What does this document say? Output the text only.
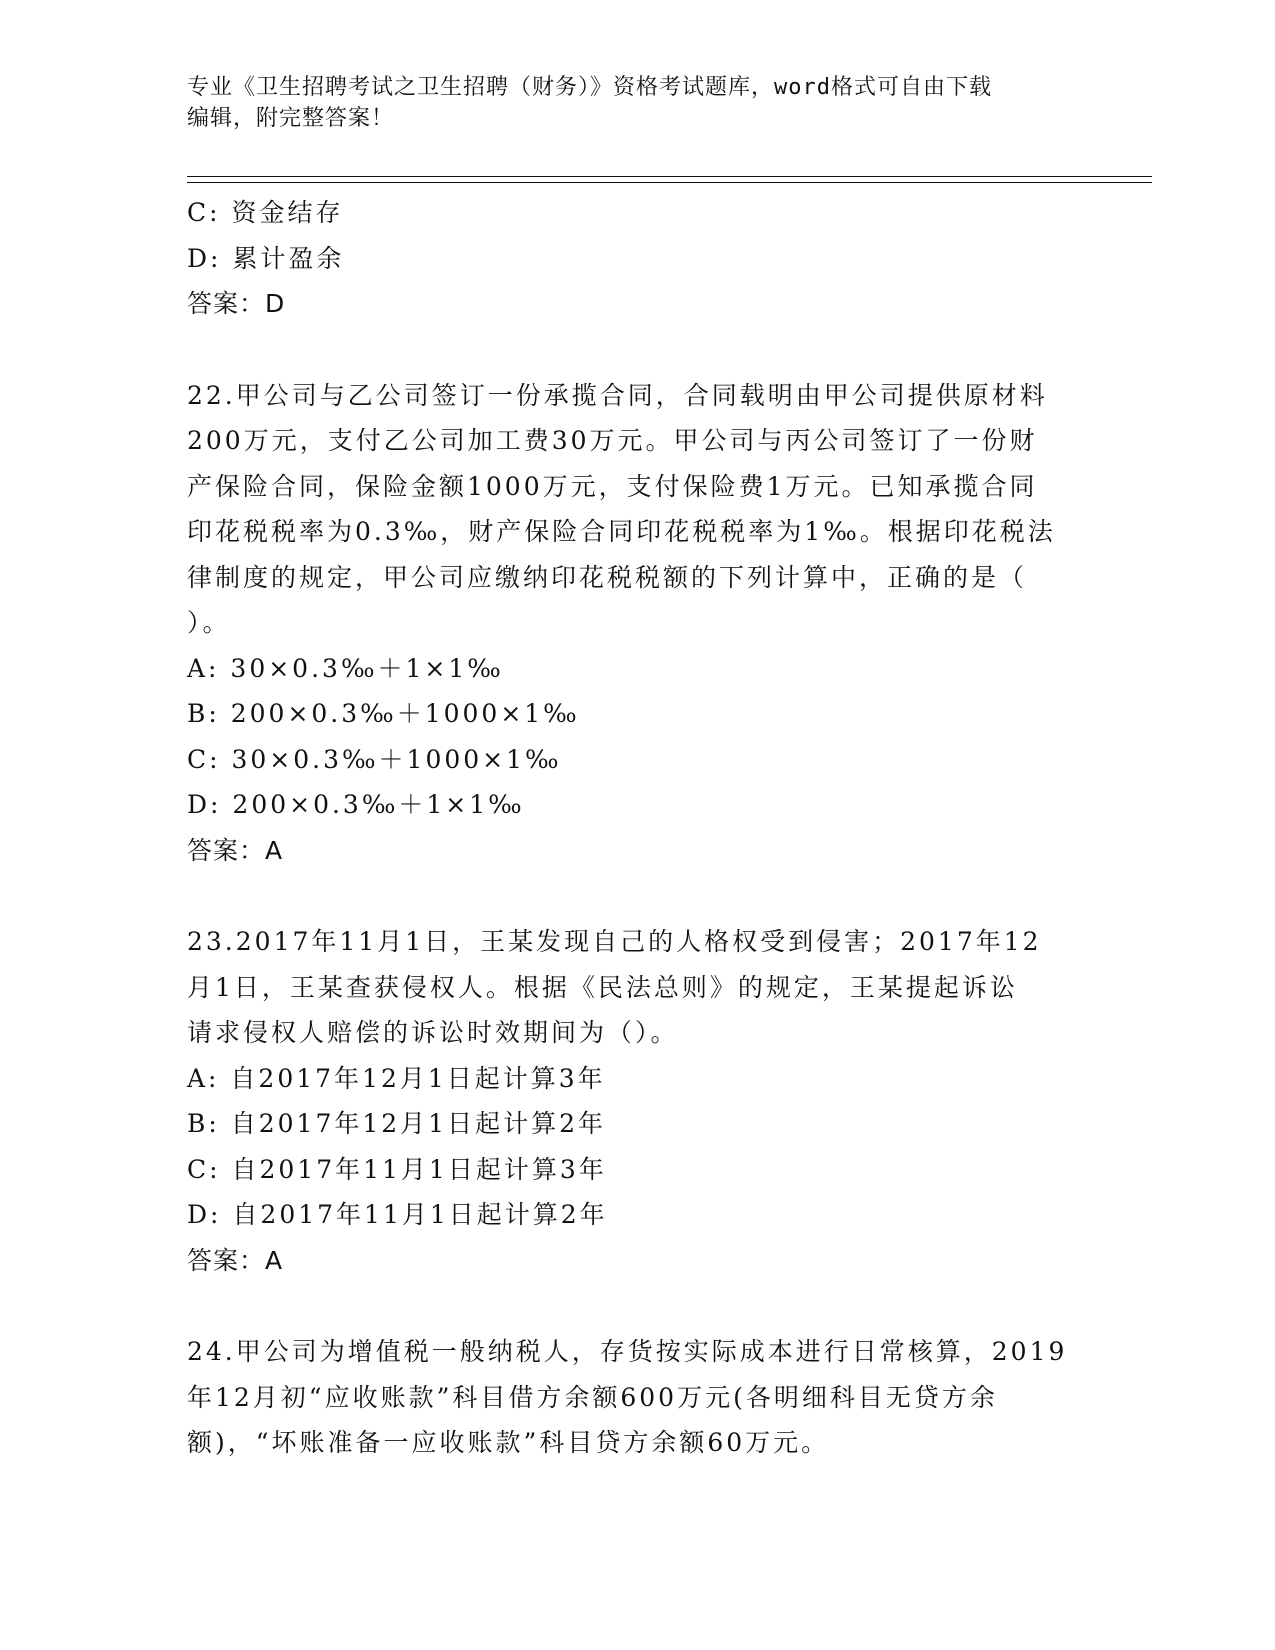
专业《卫生招聘考试之卫生招聘（财务）》资格考试题库，word格式可自由下载
编辑，附完整答案！
C: 资金结存
D: 累计盈余
答案：D
22.甲公司与乙公司签订一份承揽合同，合同载明由甲公司提供原材料
200万元，支付乙公司加工费30万元。甲公司与丙公司签订了一份财
产保险合同，保险金额1000万元，支付保险费1万元。已知承揽合同
印花税税率为0.3‰，财产保险合同印花税税率为1‰。根据印花税法
律制度的规定，甲公司应缴纳印花税税额的下列计算中，正确的是（
）。
A: 30×0.3‰＋1×1‰
B: 200×0.3‰＋1000×1‰
C: 30×0.3‰＋1000×1‰
D: 200×0.3‰＋1×1‰
答案：A
23.2017年11月1日，王某发现自己的人格权受到侵害；2017年12
月1日，王某查获侵权人。根据《民法总则》的规定，王某提起诉讼
请求侵权人赔偿的诉讼时效期间为（）。
A: 自2017年12月1日起计算3年
B: 自2017年12月1日起计算2年
C: 自2017年11月1日起计算3年
D: 自2017年11月1日起计算2年
答案：A
24.甲公司为增值税一般纳税人，存货按实际成本进行日常核算，2019
年12月初“应收账款”科目借方余额600万元(各明细科目无贷方余
额)，“坏账准备一应收账款”科目贷方余额60万元。
